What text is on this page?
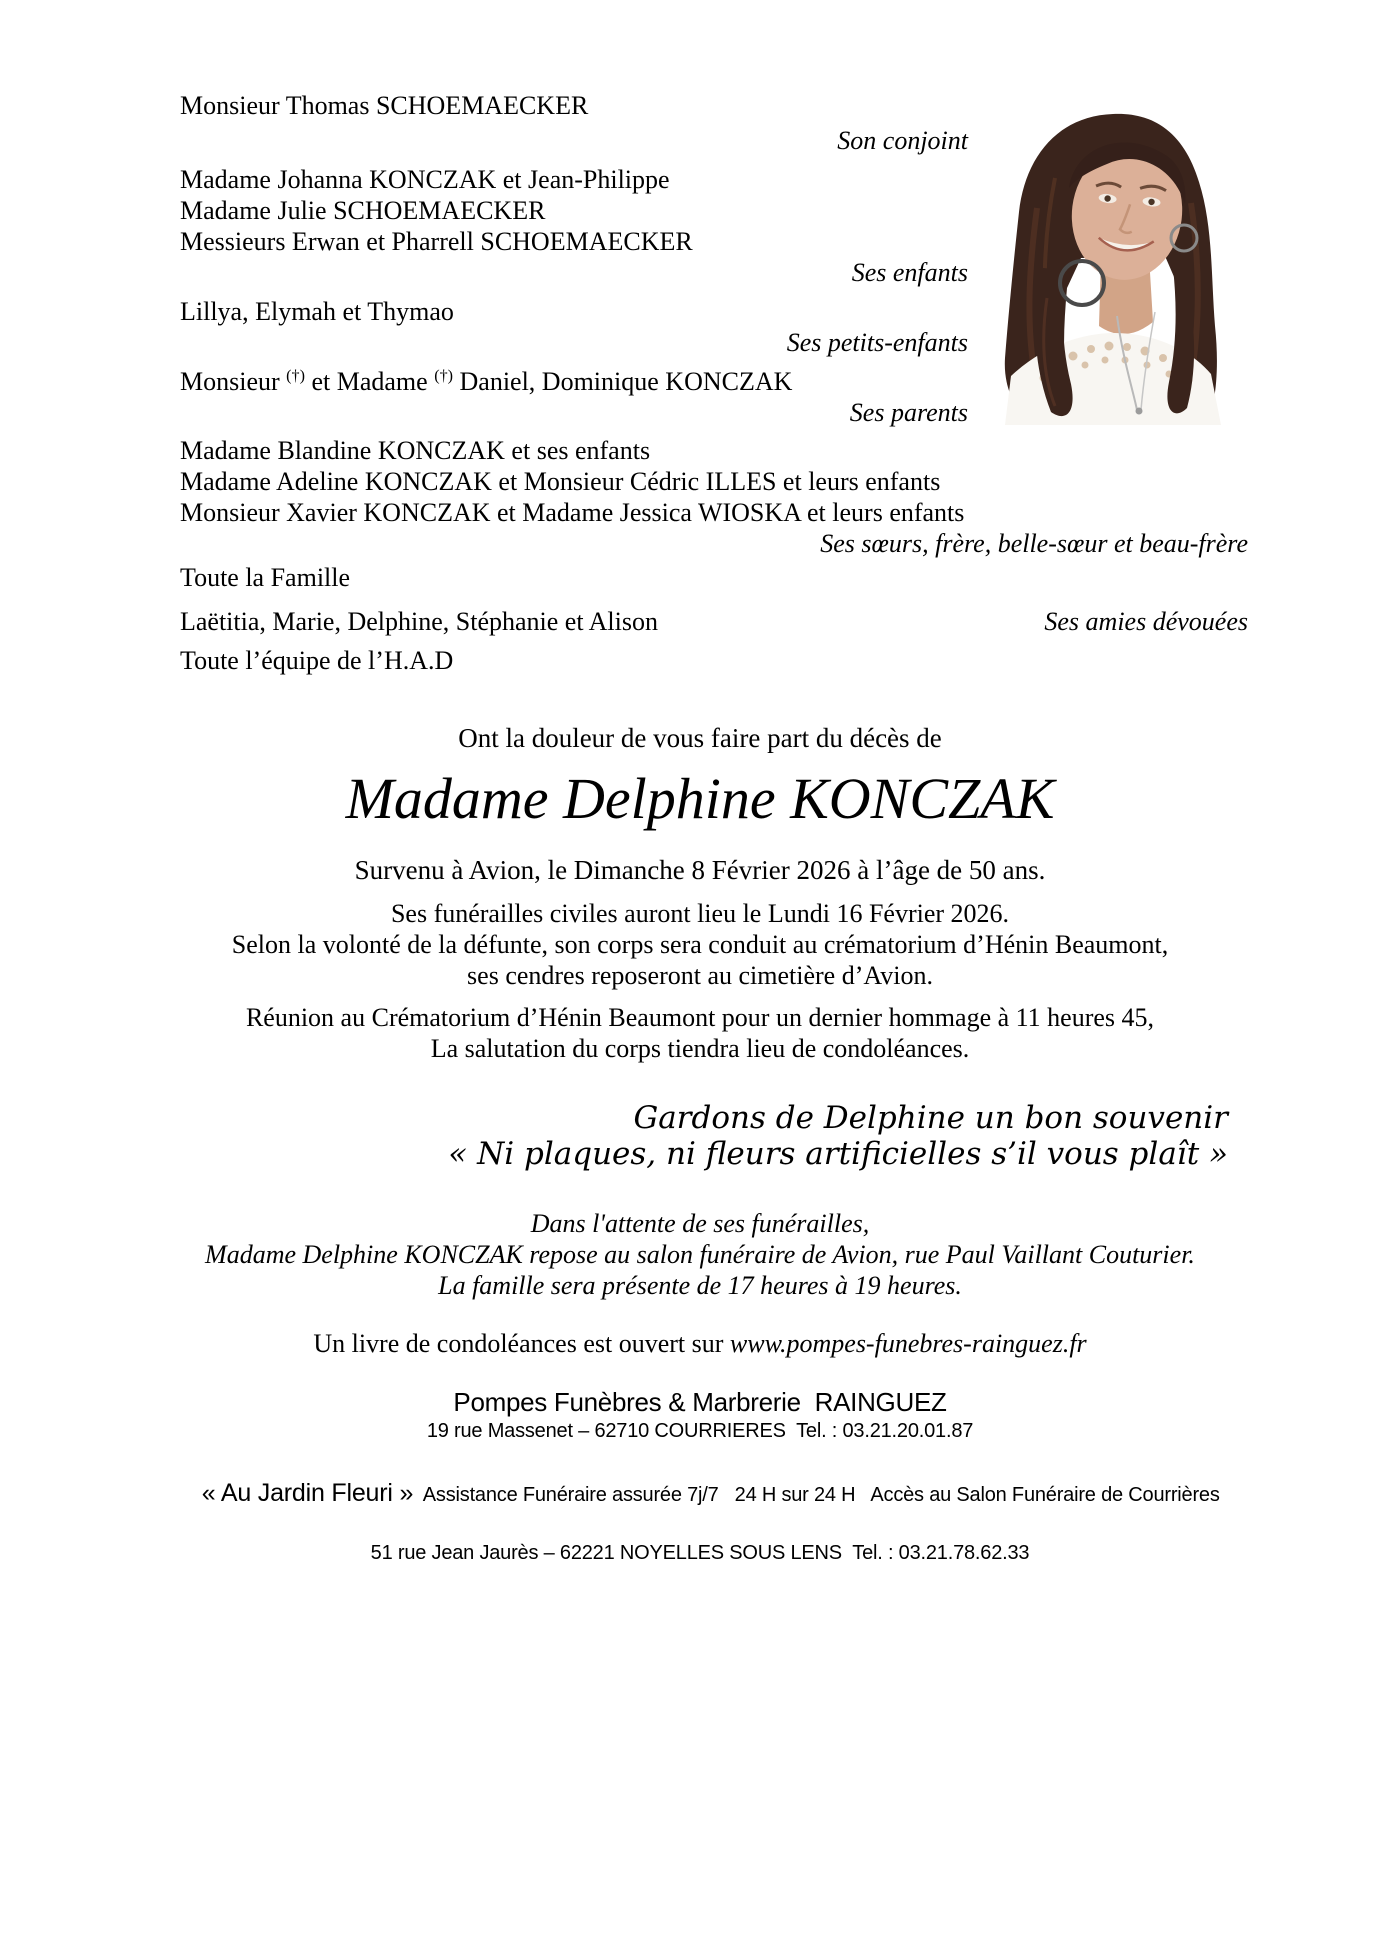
Monsieur Thomas SCHOEMAECKER
Son conjoint
Madame Johanna KONCZAK et Jean-Philippe
Madame Julie SCHOEMAECKER
Messieurs Erwan et Pharrell SCHOEMAECKER
Ses enfants
Lillya, Elymah et Thymao
Ses petits-enfants
Monsieur (†) et Madame (†) Daniel, Dominique KONCZAK
Ses parents
Madame Blandine KONCZAK et ses enfants
Madame Adeline KONCZAK et Monsieur Cédric ILLES et leurs enfants
Monsieur Xavier KONCZAK et Madame Jessica WIOSKA et leurs enfants
Ses sœurs, frère, belle-sœur et beau-frère
Toute la Famille
Laëtitia, Marie, Delphine, Stéphanie et Alison	Ses amies dévouées
Toute l’équipe de l’H.A.D
Ont la douleur de vous faire part du décès de
Madame Delphine KONCZAK
Survenu à Avion, le Dimanche 8 Février 2026 à l’âge de 50 ans.
Ses funérailles civiles auront lieu le Lundi 16 Février 2026.
Selon la volonté de la défunte, son corps sera conduit au crématorium d’Hénin Beaumont,
ses cendres reposeront au cimetière d’Avion.
Réunion au Crématorium d’Hénin Beaumont pour un dernier hommage à 11 heures 45,
La salutation du corps tiendra lieu de condoléances.
Gardons de Delphine un bon souvenir
« Ni plaques, ni fleurs artificielles s’il vous plaît »
Dans l'attente de ses funérailles,
Madame Delphine KONCZAK repose au salon funéraire de Avion, rue Paul Vaillant Couturier.
La famille sera présente de 17 heures à 19 heures.
Un livre de condoléances est ouvert sur www.pompes-funebres-rainguez.fr
Pompes Funèbres & Marbrerie  RAINGUEZ
19 rue Massenet – 62710 COURRIERES  Tel. : 03.21.20.01.87

« Au Jardin Fleuri »  Assistance Funéraire assurée 7j/7   24 H sur 24 H   Accès au Salon Funéraire de Courrières

51 rue Jean Jaurès – 62221 NOYELLES SOUS LENS  Tel. : 03.21.78.62.33
